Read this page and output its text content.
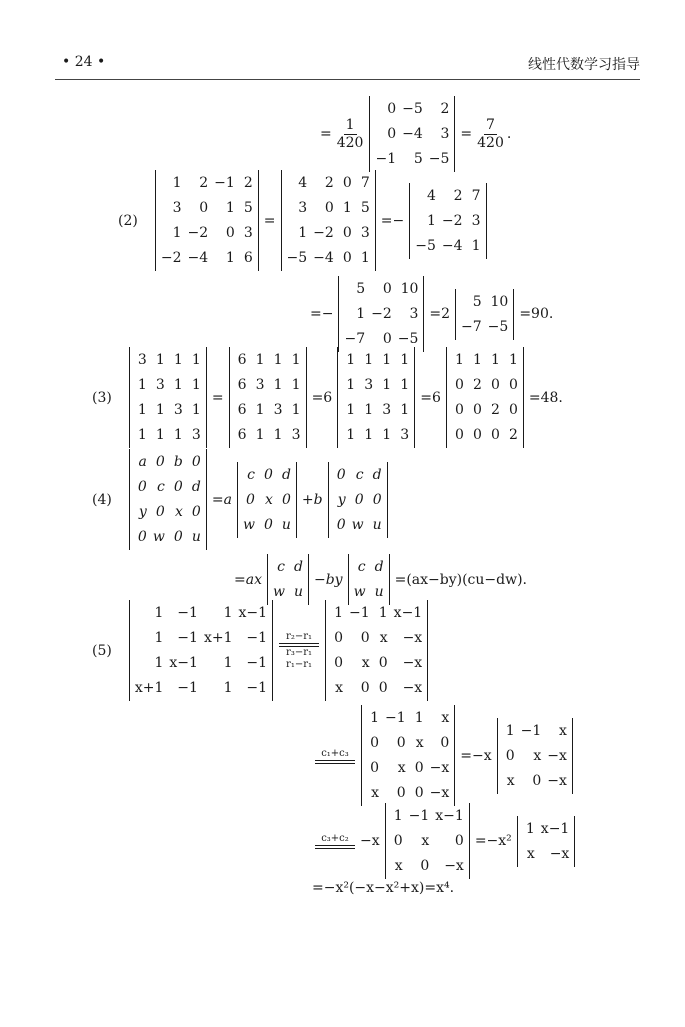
• 24 •	线性代数学习指导
= $\frac{1}{420}$
0 −5 2
0 −4 3
−1 5 −5
= $\frac{7}{420}$ .
(2)
1 2 −1 2
3 0 1 5
1 −2 0 3
−2 −4 1 6
=
4 2 0 7
3 0 1 5
1 −2 0 3
−5 −4 0 1
=−
4 2 7
1 −2 3
−5 −4 1
=−
5 0 10
1 −2 3
−7 0 −5
=2
5 10
−7 −5
=90.
(3)
3 1 1 1
1 3 1 1
1 1 3 1
1 1 1 3
=
6 1 1 1
6 3 1 1
6 1 3 1
6 1 1 3
=6
1 1 1 1
1 3 1 1
1 1 3 1
1 1 1 3
=6
1 1 1 1
0 2 0 0
0 0 2 0
0 0 0 2
=48.
(4)
a 0 b 0
0 c 0 d
y 0 x 0
0 w 0 u
=a
c 0 d
0 x 0
w 0 u
+b
0 c d
y 0 0
0 w u
=ax
c d
w u
−by
c d
w u
=(ax−by)(cu−dw).
(5)
1 −1 1 x−1
1 −1 x+1 −1
1 x−1 1 −1
x+1 −1 1 −1
r₂−r₁
r₃−r₁
r₁−r₁
1 −1 1 x−1
0 0 x −x
0 x 0 −x
x 0 0 −x
c₁+c₃
1 −1 1 x
0 0 x 0
0 x 0 −x
x 0 0 −x
=−x
1 −1 x
0 x −x
x 0 −x
c₃+c₂ −x
1 −1 x−1
0 x 0
x 0 −x
=−x²
1 x−1
x −x
=−x²(−x−x²+x)=x⁴.
